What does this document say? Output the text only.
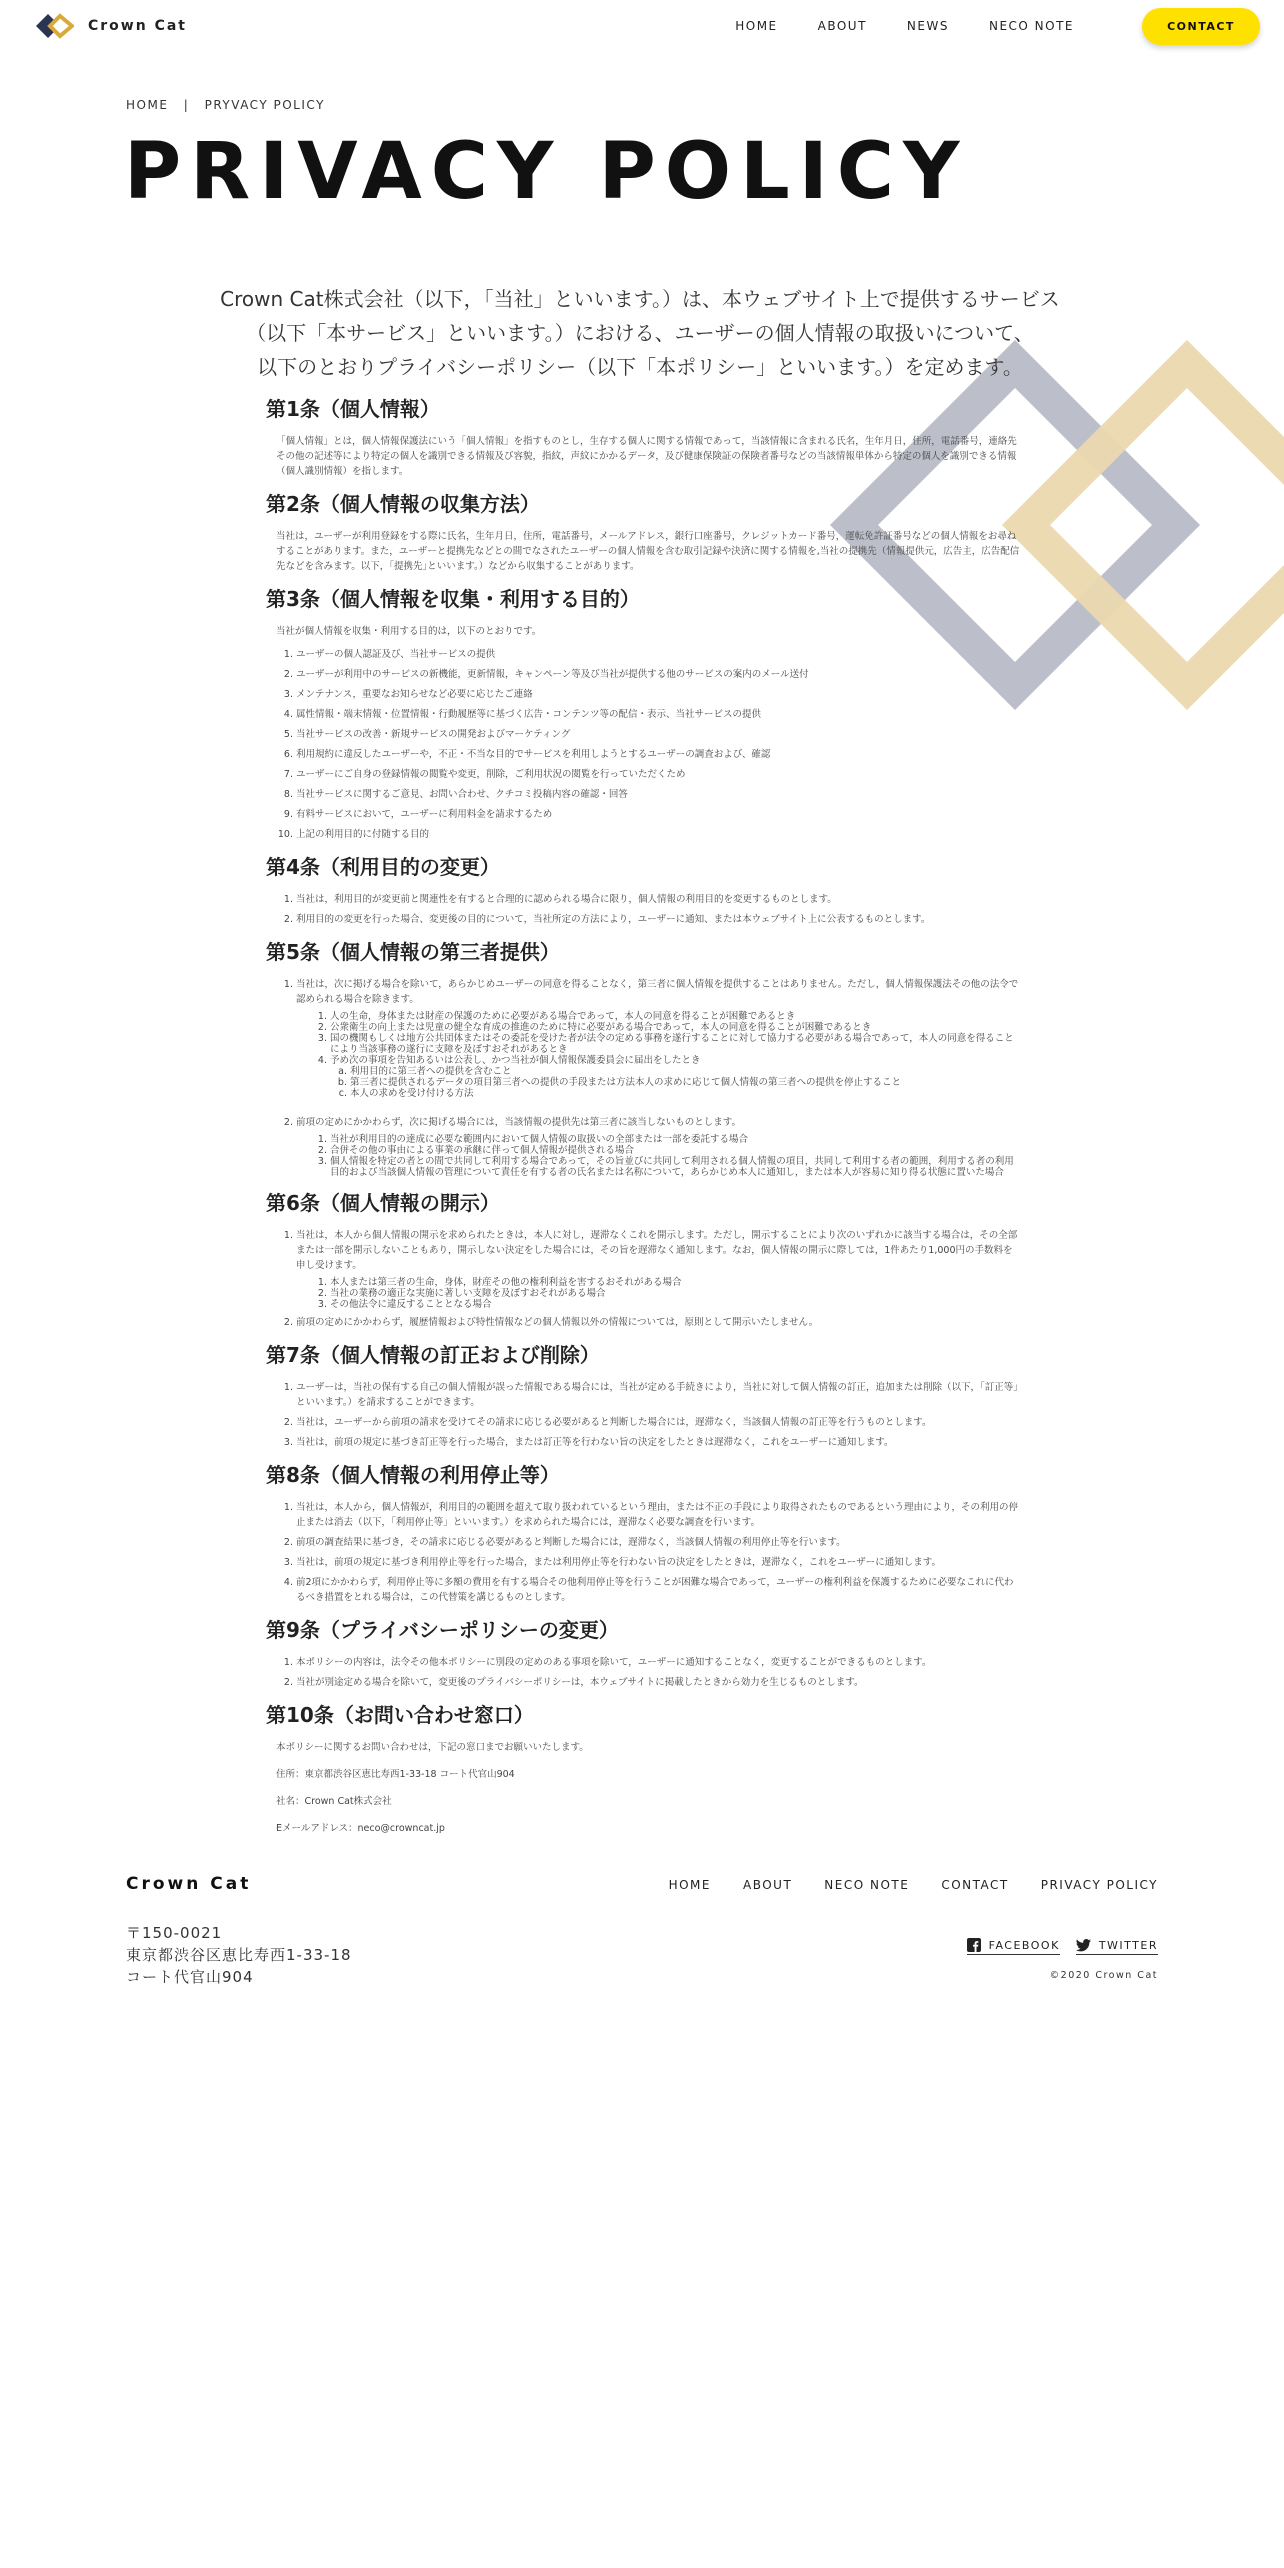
Crown Cat	HOME	ABOUT	NEWS	NECO NOTE	CONTACT
HOME | PRYVACY POLICY
PRIVACY POLICY
Crown Cat株式会社（以下，「当社」といいます。）は、本ウェブサイト上で提供するサービス
（以下「本サービス」といいます。）における、ユーザーの個人情報の取扱いについて、
以下のとおりプライバシーポリシー（以下「本ポリシー」といいます。）を定めます。
第1条（個人情報）

「個人情報」とは，個人情報保護法にいう「個人情報」を指すものとし，生存する個人に関する情報であって，当該情報に含まれる氏名，生年月日，住所，電話番号，連絡先その他の記述等により特定の個人を識別できる情報及び容貌，指紋，声紋にかかるデータ，及び健康保険証の保険者番号などの当該情報単体から特定の個人を識別できる情報（個人識別情報）を指します。

第2条（個人情報の収集方法）

当社は，ユーザーが利用登録をする際に氏名，生年月日，住所，電話番号，メールアドレス，銀行口座番号，クレジットカード番号，運転免許証番号などの個人情報をお尋ねすることがあります。また，ユーザーと提携先などとの間でなされたユーザーの個人情報を含む取引記録や決済に関する情報を,当社の提携先（情報提供元，広告主，広告配信先などを含みます。以下，｢提携先｣といいます。）などから収集することがあります。

第3条（個人情報を収集・利用する目的）

当社が個人情報を収集・利用する目的は，以下のとおりです。

1. ユーザーの個人認証及び、当社サービスの提供
2. ユーザーが利用中のサービスの新機能，更新情報，キャンペーン等及び当社が提供する他のサービスの案内のメール送付
3. メンテナンス，重要なお知らせなど必要に応じたご連絡
4. 属性情報・端末情報・位置情報・行動履歴等に基づく広告・コンテンツ等の配信・表示、当社サービスの提供
5. 当社サービスの改善・新規サービスの開発およびマーケティング
6. 利用規約に違反したユーザーや，不正・不当な目的でサービスを利用しようとするユーザーの調査および、確認
7. ユーザーにご自身の登録情報の閲覧や変更，削除，ご利用状況の閲覧を行っていただくため
8. 当社サービスに関するご意見、お問い合わせ、クチコミ投稿内容の確認・回答
9. 有料サービスにおいて，ユーザーに利用料金を請求するため
10. 上記の利用目的に付随する目的
第4条（利用目的の変更）
1. 当社は，利用目的が変更前と関連性を有すると合理的に認められる場合に限り，個人情報の利用目的を変更するものとします。
2. 利用目的の変更を行った場合、変更後の目的について，当社所定の方法により，ユーザーに通知、または本ウェブサイト上に公表するものとします。
第5条（個人情報の第三者提供）
1. 当社は，次に掲げる場合を除いて，あらかじめユーザーの同意を得ることなく，第三者に個人情報を提供することはありません。ただし，個人情報保護法その他の法令で認められる場合を除きます。
1. 人の生命，身体または財産の保護のために必要がある場合であって，本人の同意を得ることが困難であるとき
2. 公衆衛生の向上または児童の健全な育成の推進のために特に必要がある場合であって，本人の同意を得ることが困難であるとき
3. 国の機関もしくは地方公共団体またはその委託を受けた者が法令の定める事務を遂行することに対して協力する必要がある場合であって，本人の同意を得ることにより当該事務の遂行に支障を及ぼすおそれがあるとき
4. 予め次の事項を告知あるいは公表し、かつ当社が個人情報保護委員会に届出をしたとき
a. 利用目的に第三者への提供を含むこと
b. 第三者に提供されるデータの項目第三者への提供の手段または方法本人の求めに応じて個人情報の第三者への提供を停止すること
c. 本人の求めを受け付ける方法
2. 前項の定めにかかわらず，次に掲げる場合には，当該情報の提供先は第三者に該当しないものとします。
1. 当社が利用目的の達成に必要な範囲内において個人情報の取扱いの全部または一部を委託する場合
2. 合併その他の事由による事業の承継に伴って個人情報が提供される場合
3. 個人情報を特定の者との間で共同して利用する場合であって，その旨並びに共同して利用される個人情報の項目，共同して利用する者の範囲，利用する者の利用目的および当該個人情報の管理について責任を有する者の氏名または名称について，あらかじめ本人に通知し，または本人が容易に知り得る状態に置いた場合
第6条（個人情報の開示）
1. 当社は，本人から個人情報の開示を求められたときは，本人に対し，遅滞なくこれを開示します。ただし，開示することにより次のいずれかに該当する場合は，その全部または一部を開示しないこともあり，開示しない決定をした場合には，その旨を遅滞なく通知します。なお，個人情報の開示に際しては，1件あたり1,000円の手数料を申し受けます。
1. 本人または第三者の生命，身体，財産その他の権利利益を害するおそれがある場合
2. 当社の業務の適正な実施に著しい支障を及ぼすおそれがある場合
3. その他法令に違反することとなる場合
2. 前項の定めにかかわらず，履歴情報および特性情報などの個人情報以外の情報については，原則として開示いたしません。
第7条（個人情報の訂正および削除）
1. ユーザーは，当社の保有する自己の個人情報が誤った情報である場合には，当社が定める手続きにより，当社に対して個人情報の訂正，追加または削除（以下，「訂正等」といいます。）を請求することができます。
2. 当社は，ユーザーから前項の請求を受けてその請求に応じる必要があると判断した場合には，遅滞なく，当該個人情報の訂正等を行うものとします。
3. 当社は，前項の規定に基づき訂正等を行った場合，または訂正等を行わない旨の決定をしたときは遅滞なく，これをユーザーに通知します。
第8条（個人情報の利用停止等）
1. 当社は，本人から，個人情報が，利用目的の範囲を超えて取り扱われているという理由，または不正の手段により取得されたものであるという理由により，その利用の停止または消去（以下，「利用停止等」といいます。）を求められた場合には，遅滞なく必要な調査を行います。
2. 前項の調査結果に基づき，その請求に応じる必要があると判断した場合には，遅滞なく，当該個人情報の利用停止等を行います。
3. 当社は，前項の規定に基づき利用停止等を行った場合，または利用停止等を行わない旨の決定をしたときは，遅滞なく，これをユーザーに通知します。
4. 前2項にかかわらず，利用停止等に多額の費用を有する場合その他利用停止等を行うことが困難な場合であって，ユーザーの権利利益を保護するために必要なこれに代わるべき措置をとれる場合は，この代替策を講じるものとします。
第9条（プライバシーポリシーの変更）
1. 本ポリシーの内容は，法令その他本ポリシーに別段の定めのある事項を除いて，ユーザーに通知することなく，変更することができるものとします。
2. 当社が別途定める場合を除いて，変更後のプライバシーポリシーは，本ウェブサイトに掲載したときから効力を生じるものとします。
第10条（お問い合わせ窓口）

本ポリシーに関するお問い合わせは，下記の窓口までお願いいたします。

住所：東京都渋谷区恵比寿西1-33-18 コート代官山904

社名：Crown Cat株式会社

Eメールアドレス：neco@crowncat.jp

Crown Cat	HOME	ABOUT	NECO NOTE	CONTACT	PRIVACY POLICY
〒150-0021
東京都渋谷区恵比寿西1-33-18
コート代官山904
FACEBOOK	TWITTER
©2020 Crown Cat
